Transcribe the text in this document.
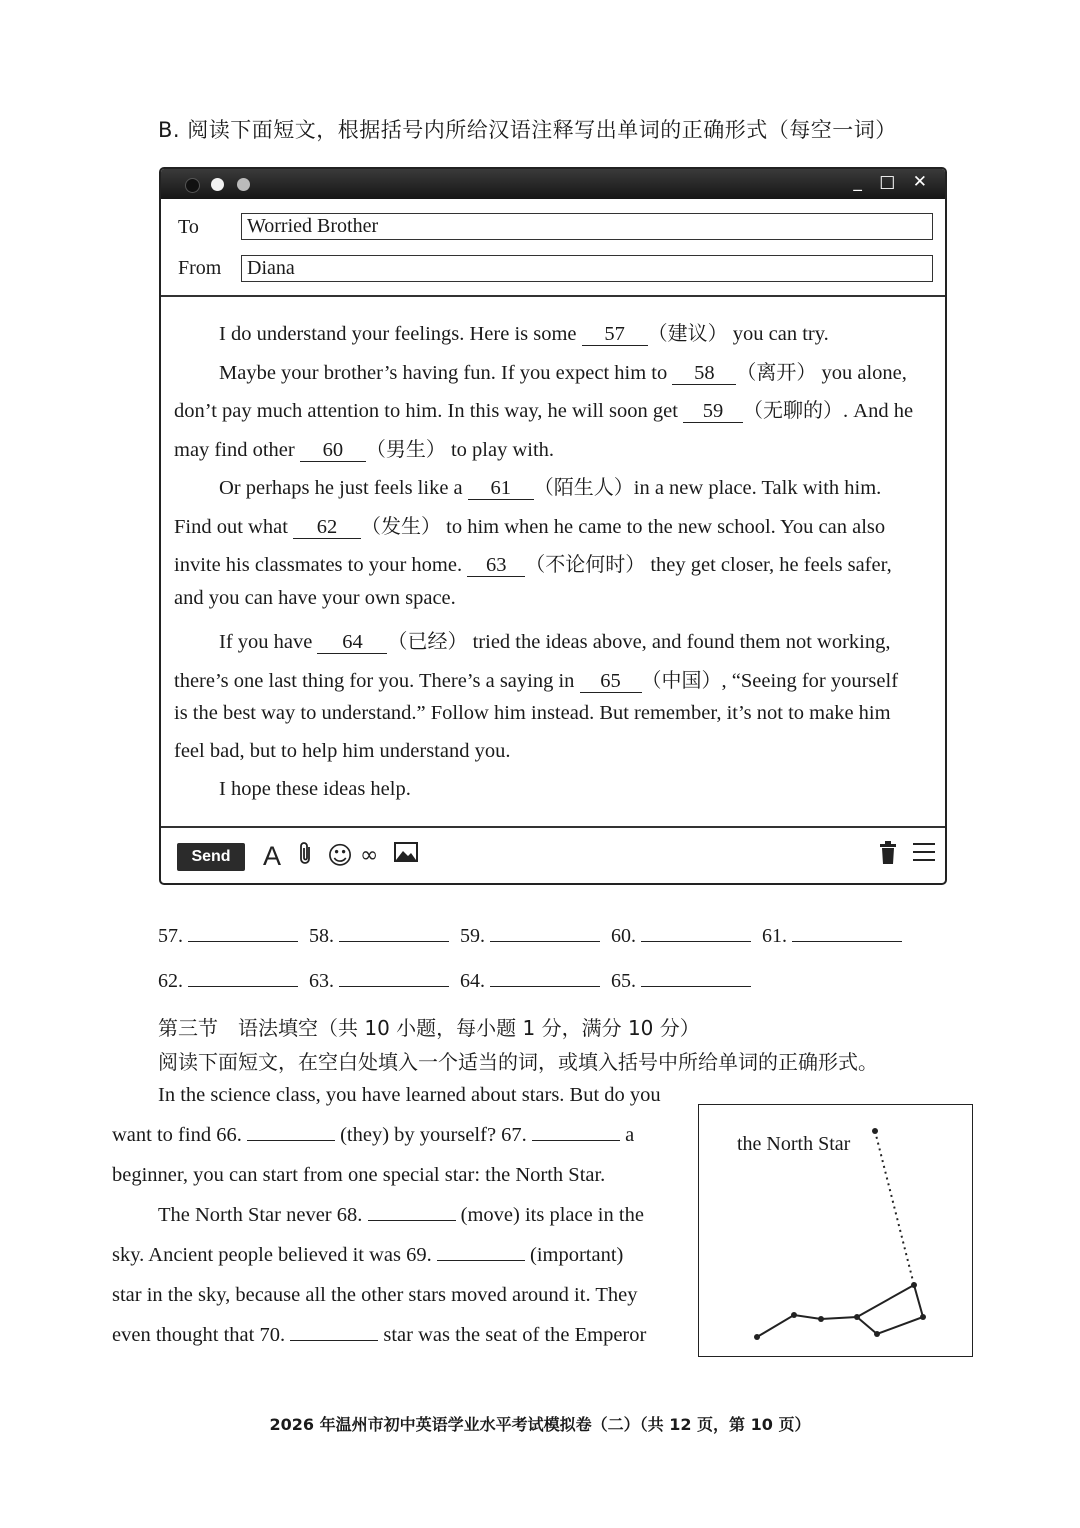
B. 阅读下面短文，根据括号内所给汉语注释写出单词的正确形式（每空一词）
_ □ ✕
To	Worried Brother
From	Diana
I do understand your feelings. Here is some 57 （建议） you can try.
Maybe your brother’s having fun. If you expect him to 58 （离开） you alone,
don’t pay much attention to him. In this way, he will soon get 59 （无聊的）. And he
may find other 60 （男生） to play with.
Or perhaps he just feels like a 61 （陌生人）in a new place. Talk with him.
Find out what 62 （发生） to him when he came to the new school. You can also
invite his classmates to your home. 63 （不论何时） they get closer, he feels safer,
and you can have your own space.
If you have 64 （已经） tried the ideas above, and found them not working,
there’s one last thing for you. There’s a saying in 65 （中国）, “Seeing for yourself
is the best way to understand.” Follow him instead. But remember, it’s not to make him
feel bad, but to help him understand you.
I hope these ideas help.
Send	A ☺ ∞
57.	58.	59.	60.	61.
62.	63.	64.	65.
第三节　语法填空（共 10 小题，每小题 1 分，满分 10 分）
阅读下面短文，在空白处填入一个适当的词，或填入括号中所给单词的正确形式。
In the science class, you have learned about stars. But do you
want to find 66.	(they) by yourself? 67.	a
beginner, you can start from one special star: the North Star.
The North Star never 68.	(move) its place in the
sky. Ancient people believed it was 69.	(important)
star in the sky, because all the other stars moved around it. They
even thought that 70.	star was the seat of the Emperor
the North Star
2026 年温州市初中英语学业水平考试模拟卷（二）（共 12 页，第 10 页）
